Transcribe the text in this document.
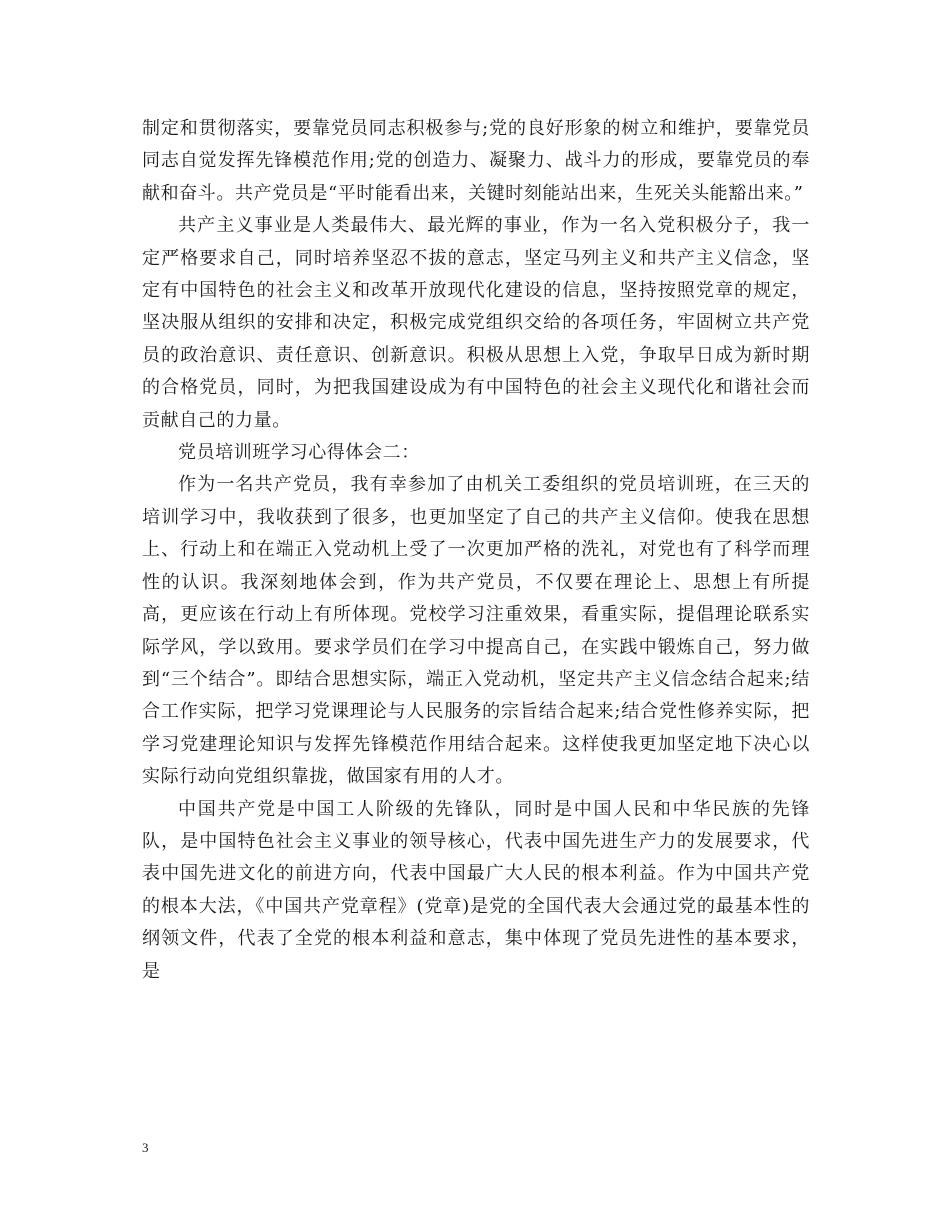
制定和贯彻落实，要靠党员同志积极参与;党的良好形象的树立和维护，要靠党员同志自觉发挥先锋模范作用;党的创造力、凝聚力、战斗力的形成，要靠党员的奉献和奋斗。共产党员是“平时能看出来，关键时刻能站出来，生死关头能豁出来。”

共产主义事业是人类最伟大、最光辉的事业，作为一名入党积极分子，我一定严格要求自己，同时培养坚忍不拔的意志，坚定马列主义和共产主义信念，坚定有中国特色的社会主义和改革开放现代化建设的信息，坚持按照党章的规定，坚决服从组织的安排和决定，积极完成党组织交给的各项任务，牢固树立共产党员的政治意识、责任意识、创新意识。积极从思想上入党，争取早日成为新时期的合格党员，同时，为把我国建设成为有中国特色的社会主义现代化和谐社会而贡献自己的力量。

党员培训班学习心得体会二：

作为一名共产党员，我有幸参加了由机关工委组织的党员培训班，在三天的培训学习中，我收获到了很多，也更加坚定了自己的共产主义信仰。使我在思想上、行动上和在端正入党动机上受了一次更加严格的洗礼，对党也有了科学而理性的认识。我深刻地体会到，作为共产党员，不仅要在理论上、思想上有所提高，更应该在行动上有所体现。党校学习注重效果，看重实际，提倡理论联系实际学风，学以致用。要求学员们在学习中提高自己，在实践中锻炼自己，努力做到“三个结合”。即结合思想实际，端正入党动机，坚定共产主义信念结合起来;结合工作实际，把学习党课理论与人民服务的宗旨结合起来;结合党性修养实际，把学习党建理论知识与发挥先锋模范作用结合起来。这样使我更加坚定地下决心以实际行动向党组织靠拢，做国家有用的人才。

中国共产党是中国工人阶级的先锋队，同时是中国人民和中华民族的先锋队，是中国特色社会主义事业的领导核心，代表中国先进生产力的发展要求，代表中国先进文化的前进方向，代表中国最广大人民的根本利益。作为中国共产党的根本大法，《中国共产党章程》(党章)是党的全国代表大会通过党的最基本性的纲领文件，代表了全党的根本利益和意志，集中体现了党员先进性的基本要求，是

3
